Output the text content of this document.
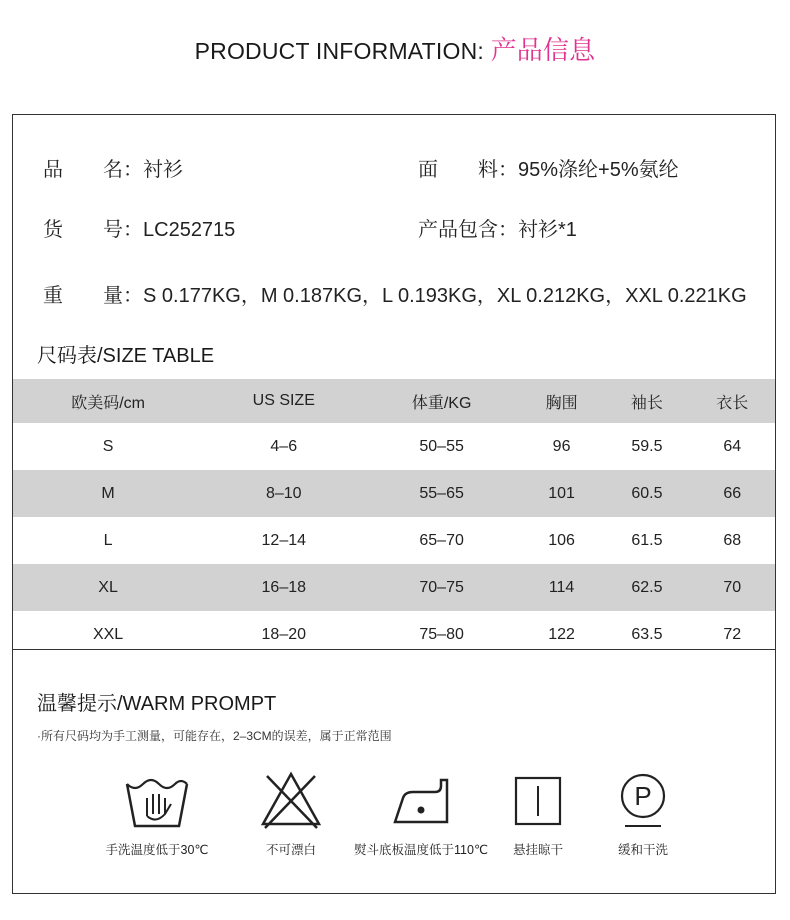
PRODUCT INFORMATION: 产品信息
品　　名：衬衫	面　　料：95%涤纶+5%氨纶
货　　号：LC252715	产品包含：衬衫*1
重　　量：S 0.177KG，M 0.187KG，L 0.193KG，XL 0.212KG，XXL 0.221KG
尺码表/SIZE TABLE
欧美码/cm	US SIZE	体重/KG	胸围	袖长	衣长
S	4–6	50–55	96	59.5	64
M	8–10	55–65	101	60.5	66
L	12–14	65–70	106	61.5	68
XL	16–18	70–75	114	62.5	70
XXL	18–20	75–80	122	63.5	72
温馨提示/WARM PROMPT
·所有尺码均为手工测量，可能存在，2–3CM的误差，属于正常范围
手洗温度低于30℃	不可漂白	熨斗底板温度低于110℃	悬挂晾干
P
缓和干洗
